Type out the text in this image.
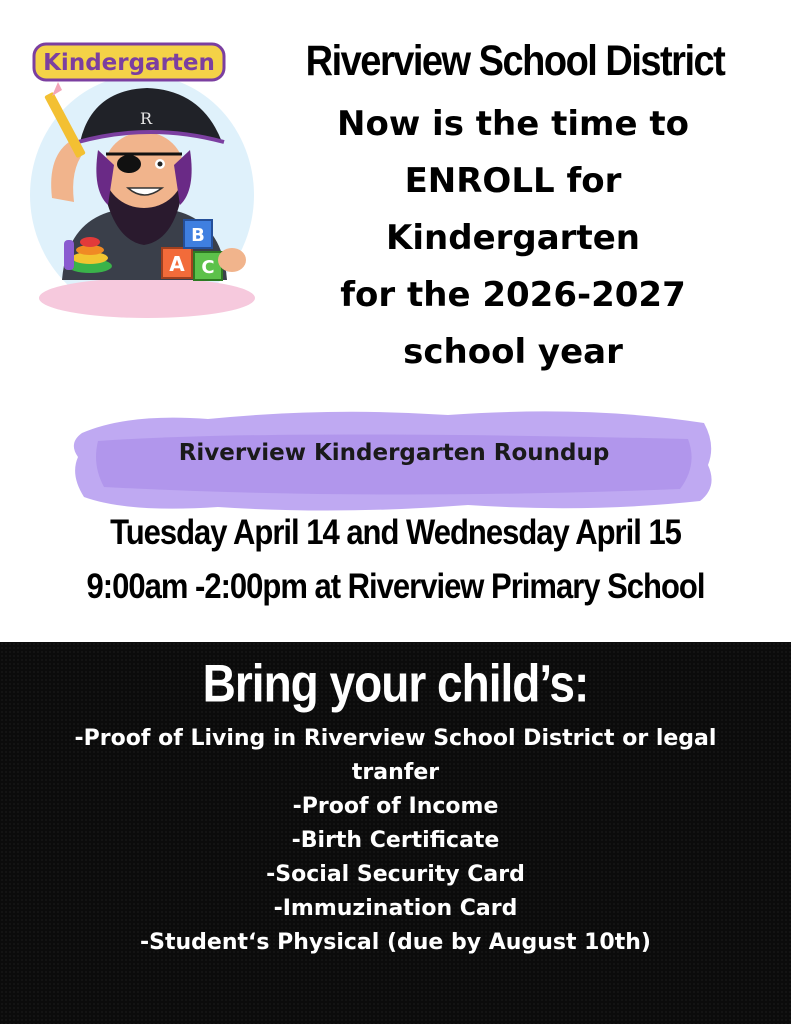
R
A
B
C
Kindergarten	Riverview School District
Now is the time to
ENROLL for
Kindergarten
for the 2026-2027
school year
Riverview Kindergarten Roundup
Tuesday April 14 and Wednesday April 15
9:00am -2:00pm at Riverview Primary School
Bring your child’s:
-Proof of Living in Riverview School District or legal tranfer
-Proof of Income
-Birth Certificate
-Social Security Card
-Immuzination Card
-Student‘s Physical (due by August 10th)
